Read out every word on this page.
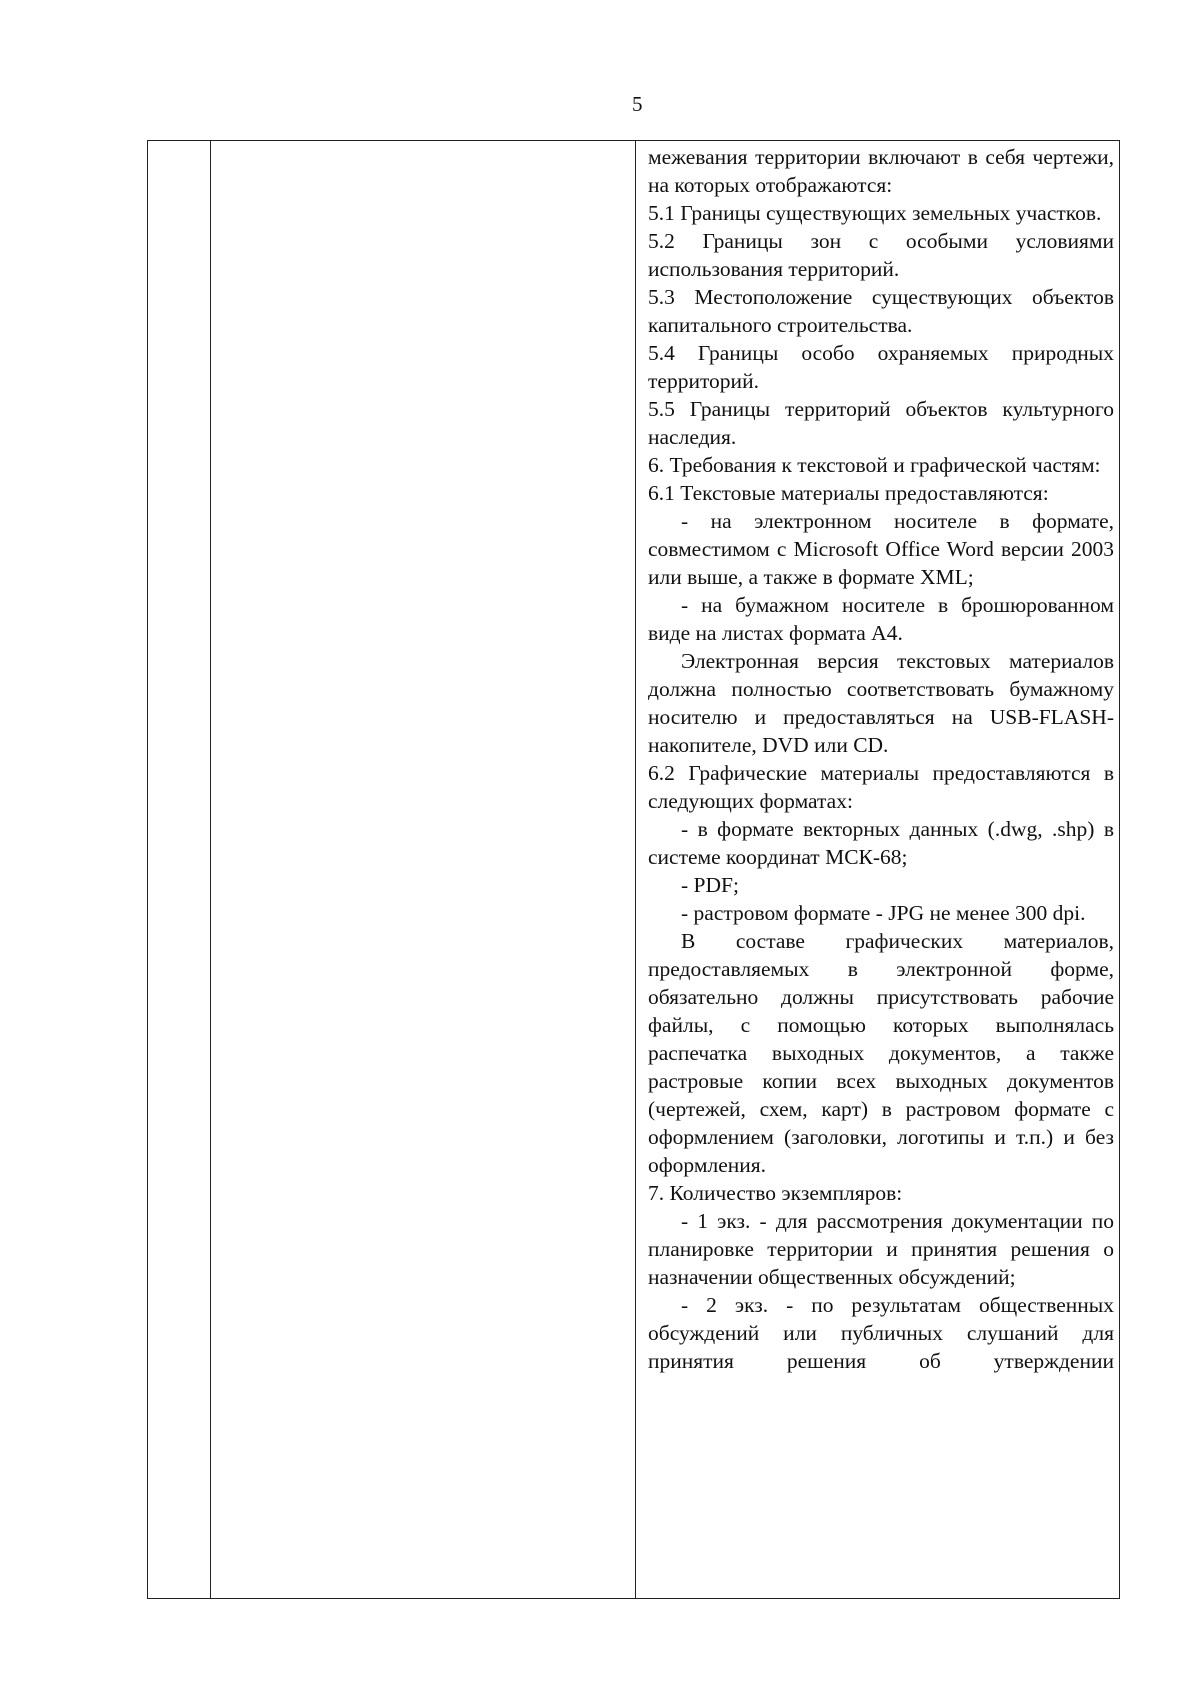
5

межевания территории включают в себя чертежи, на которых отображаются:

5.1 Границы существующих земельных участков.

5.2 Границы зон с особыми условиями использования территорий.

5.3 Местоположение существующих объектов капитального строительства.

5.4 Границы особо охраняемых природных территорий.

5.5 Границы территорий объектов культурного наследия.

6. Требования к текстовой и графической частям:

6.1 Текстовые материалы предоставляются:

- на электронном носителе в формате, совместимом с Microsoft Office Word версии 2003 или выше, а также в формате XML;

- на бумажном носителе в брошюрованном виде на листах формата А4.

Электронная версия текстовых материалов должна полностью соответствовать бумажному носителю и предоставляться на USB-FLASH-накопителе, DVD или CD.

6.2 Графические материалы предоставляются в следующих форматах:

- в формате векторных данных (.dwg, .shp) в системе координат МСК-68;

- PDF;

- растровом формате - JPG не менее 300 dpi.

В составе графических материалов, предоставляемых в электронной форме, обязательно должны присутствовать рабочие файлы, с помощью которых выполнялась распечатка выходных документов, а также растровые копии всех выходных документов (чертежей, схем, карт) в растровом формате с оформлением (заголовки, логотипы и т.п.) и без оформления.

7. Количество экземпляров:

- 1 экз. - для рассмотрения документации по планировке территории и принятия решения о назначении общественных обсуждений;

- 2 экз. - по результатам общественных обсуждений или публичных слушаний для принятия решения об утверждении
